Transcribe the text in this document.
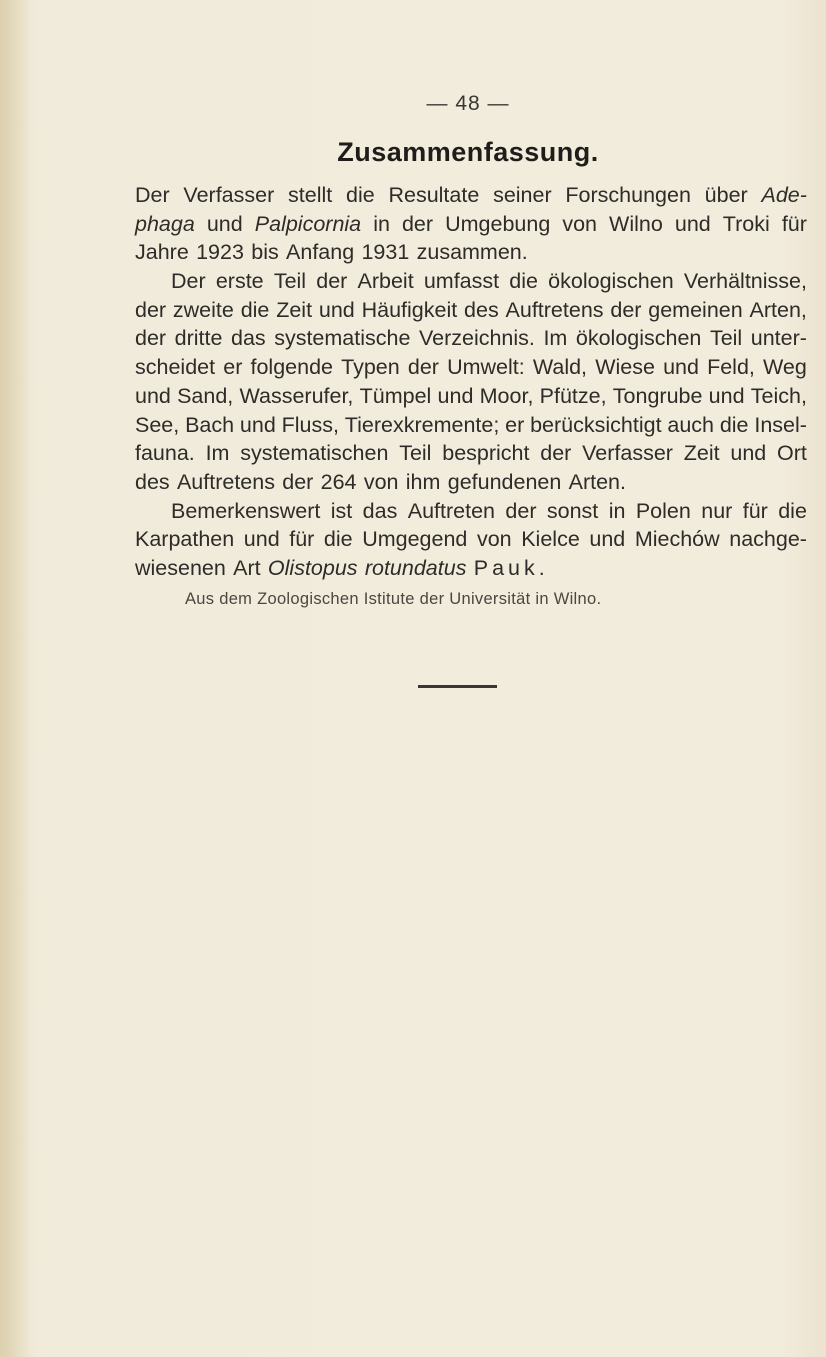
— 48 —
Zusammenfassung.
Der Verfasser stellt die Resultate seiner Forschungen über Ade-
phaga und Palpicornia in der Umgebung von Wilno und Troki für
Jahre 1923 bis Anfang 1931 zusammen.
Der erste Teil der Arbeit umfasst die ökologischen Verhältnisse,
der zweite die Zeit und Häufigkeit des Auftretens der gemeinen Arten,
der dritte das systematische Verzeichnis. Im ökologischen Teil unter-
scheidet er folgende Typen der Umwelt: Wald, Wiese und Feld, Weg
und Sand, Wasserufer, Tümpel und Moor, Pfütze, Tongrube und Teich,
See, Bach und Fluss, Tierexkremente; er berücksichtigt auch die Insel-
fauna. Im systematischen Teil bespricht der Verfasser Zeit und Ort
des Auftretens der 264 von ihm gefundenen Arten.
Bemerkenswert ist das Auftreten der sonst in Polen nur für die
Karpathen und für die Umgegend von Kielce und Miechów nachge-
wiesenen Art Olistopus rotundatus Pauk.
Aus dem Zoologischen Istitute der Universität in Wilno.
